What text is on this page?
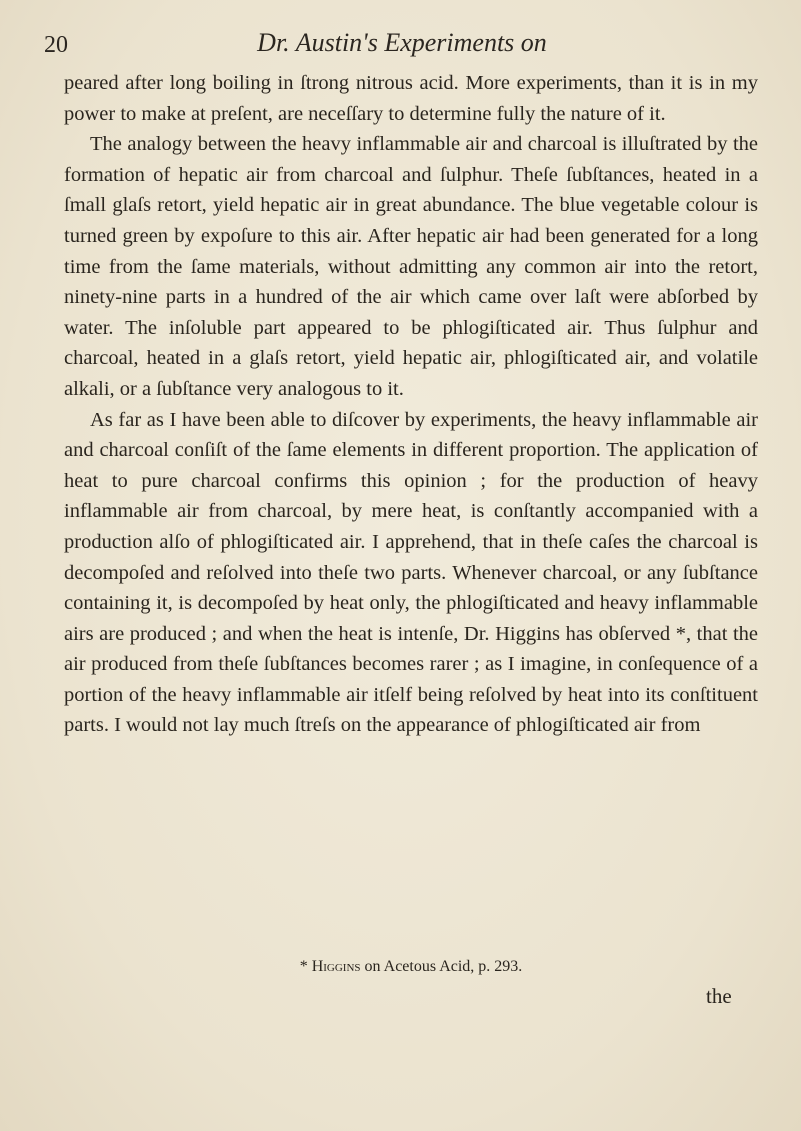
20	Dr. Austin's Experiments on

peared after long boiling in ſtrong nitrous acid. More experiments, than it is in my power to make at preſent, are neceſſary to determine fully the nature of it.

The analogy between the heavy inflammable air and charcoal is illuſtrated by the formation of hepatic air from charcoal and ſulphur. Theſe ſubſtances, heated in a ſmall glaſs retort, yield hepatic air in great abundance. The blue vegetable colour is turned green by expoſure to this air. After hepatic air had been generated for a long time from the ſame materials, without admitting any common air into the retort, ninety-nine parts in a hundred of the air which came over laſt were abſorbed by water. The inſoluble part appeared to be phlogiſticated air. Thus ſulphur and charcoal, heated in a glaſs retort, yield hepatic air, phlogiſticated air, and volatile alkali, or a ſubſtance very analogous to it.

As far as I have been able to diſcover by experiments, the heavy inflammable air and charcoal conſiſt of the ſame elements in different proportion. The application of heat to pure charcoal confirms this opinion ; for the production of heavy inflammable air from charcoal, by mere heat, is conſtantly accompanied with a production alſo of phlogiſticated air. I apprehend, that in theſe caſes the charcoal is decompoſed and reſolved into theſe two parts. Whenever charcoal, or any ſubſtance containing it, is decompoſed by heat only, the phlogiſticated and heavy inflammable airs are produced ; and when the heat is intenſe, Dr. Higgins has obſerved *, that the air produced from theſe ſubſtances becomes rarer ; as I imagine, in conſequence of a portion of the heavy inflammable air itſelf being reſolved by heat into its conſtituent parts. I would not lay much ſtreſs on the appearance of phlogiſticated air from

* Higgins on Acetous Acid, p. 293.
the
